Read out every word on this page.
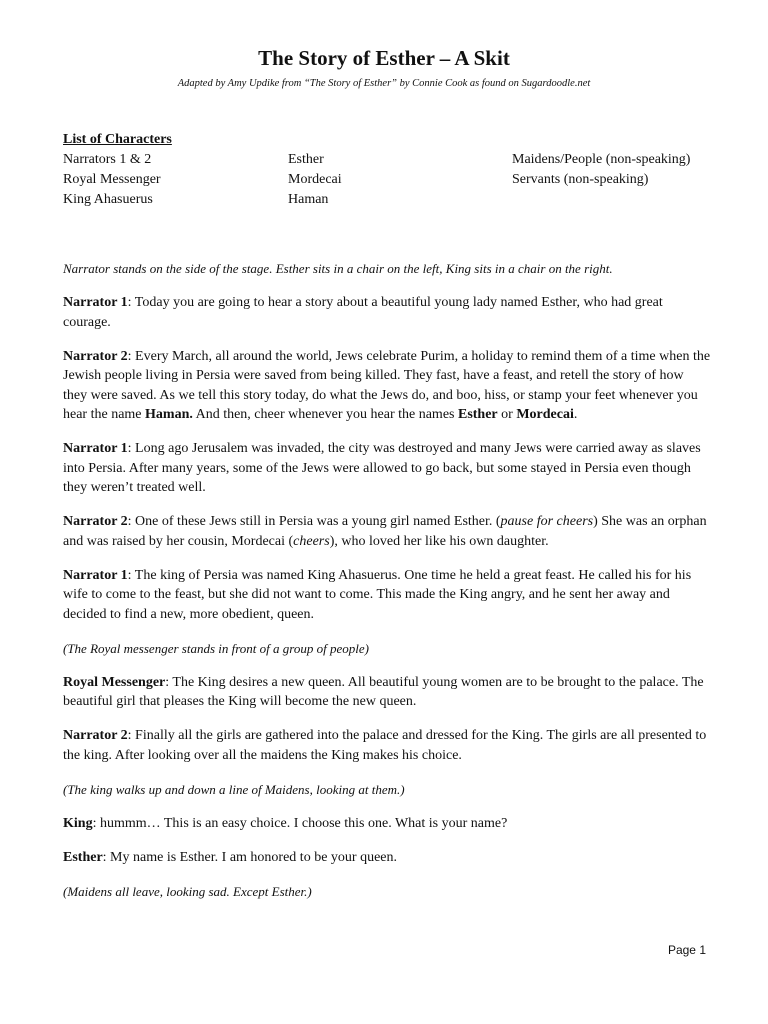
The Story of Esther – A Skit
Adapted by Amy Updike from “The Story of Esther” by Connie Cook as found on Sugardoodle.net
List of Characters
Narrators 1 & 2	Esther	Maidens/People (non-speaking)
Royal Messenger	Mordecai	Servants (non-speaking)
King Ahasuerus	Haman

Narrator stands on the side of the stage. Esther sits in a chair on the left, King sits in a chair on the right.

Narrator 1: Today you are going to hear a story about a beautiful young lady named Esther, who had great courage.

Narrator 2: Every March, all around the world, Jews celebrate Purim, a holiday to remind them of a time when the Jewish people living in Persia were saved from being killed. They fast, have a feast, and retell the story of how they were saved. As we tell this story today, do what the Jews do, and boo, hiss, or stamp your feet whenever you hear the name Haman. And then, cheer whenever you hear the names Esther or Mordecai.

Narrator 1: Long ago Jerusalem was invaded, the city was destroyed and many Jews were carried away as slaves into Persia. After many years, some of the Jews were allowed to go back, but some stayed in Persia even though they weren’t treated well.

Narrator 2: One of these Jews still in Persia was a young girl named Esther. (pause for cheers) She was an orphan and was raised by her cousin, Mordecai (cheers), who loved her like his own daughter.

Narrator 1: The king of Persia was named King Ahasuerus. One time he held a great feast. He called his for his wife to come to the feast, but she did not want to come. This made the King angry, and he sent her away and decided to find a new, more obedient, queen.

(The Royal messenger stands in front of a group of people)

Royal Messenger: The King desires a new queen. All beautiful young women are to be brought to the palace. The beautiful girl that pleases the King will become the new queen.

Narrator 2: Finally all the girls are gathered into the palace and dressed for the King. The girls are all presented to the king. After looking over all the maidens the King makes his choice.

(The king walks up and down a line of Maidens, looking at them.)

King: hummm… This is an easy choice. I choose this one. What is your name?

Esther: My name is Esther. I am honored to be your queen.

(Maidens all leave, looking sad. Except Esther.)

Page 1
